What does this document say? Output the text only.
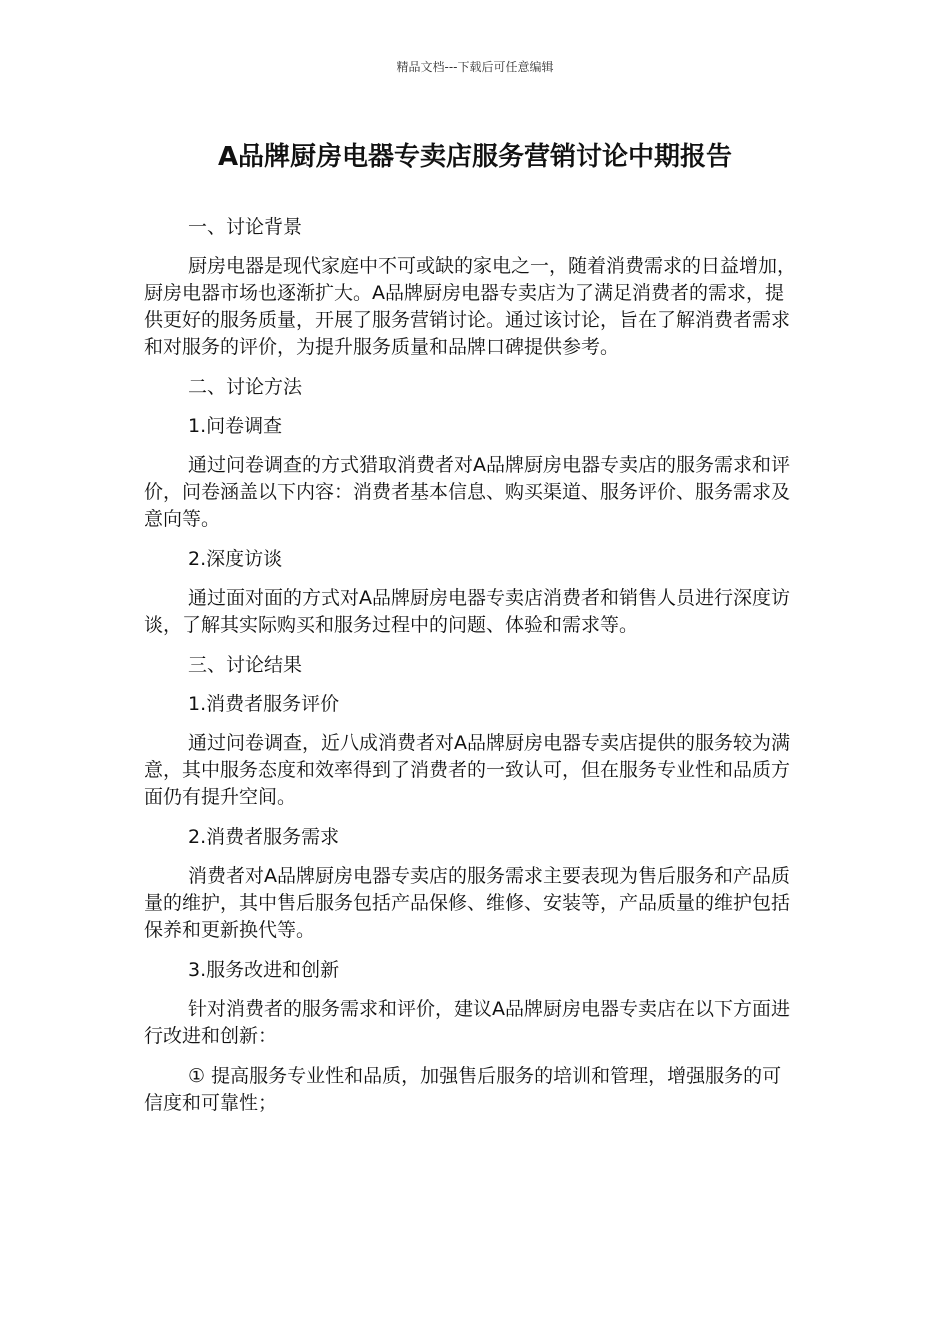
精品文档---下载后可任意编辑
A品牌厨房电器专卖店服务营销讨论中期报告

一、讨论背景

厨房电器是现代家庭中不可或缺的家电之一，随着消费需求的日益增加，厨房电器市场也逐渐扩大。A品牌厨房电器专卖店为了满足消费者的需求，提供更好的服务质量，开展了服务营销讨论。通过该讨论，旨在了解消费者需求和对服务的评价，为提升服务质量和品牌口碑提供参考。

二、讨论方法

1.问卷调查

通过问卷调查的方式猎取消费者对A品牌厨房电器专卖店的服务需求和评价，问卷涵盖以下内容：消费者基本信息、购买渠道、服务评价、服务需求及意向等。

2.深度访谈

通过面对面的方式对A品牌厨房电器专卖店消费者和销售人员进行深度访谈，了解其实际购买和服务过程中的问题、体验和需求等。

三、讨论结果

1.消费者服务评价

通过问卷调查，近八成消费者对A品牌厨房电器专卖店提供的服务较为满意，其中服务态度和效率得到了消费者的一致认可，但在服务专业性和品质方面仍有提升空间。

2.消费者服务需求

消费者对A品牌厨房电器专卖店的服务需求主要表现为售后服务和产品质量的维护，其中售后服务包括产品保修、维修、安装等，产品质量的维护包括保养和更新换代等。

3.服务改进和创新

针对消费者的服务需求和评价，建议A品牌厨房电器专卖店在以下方面进行改进和创新：

① 提高服务专业性和品质，加强售后服务的培训和管理，增强服务的可信度和可靠性；
